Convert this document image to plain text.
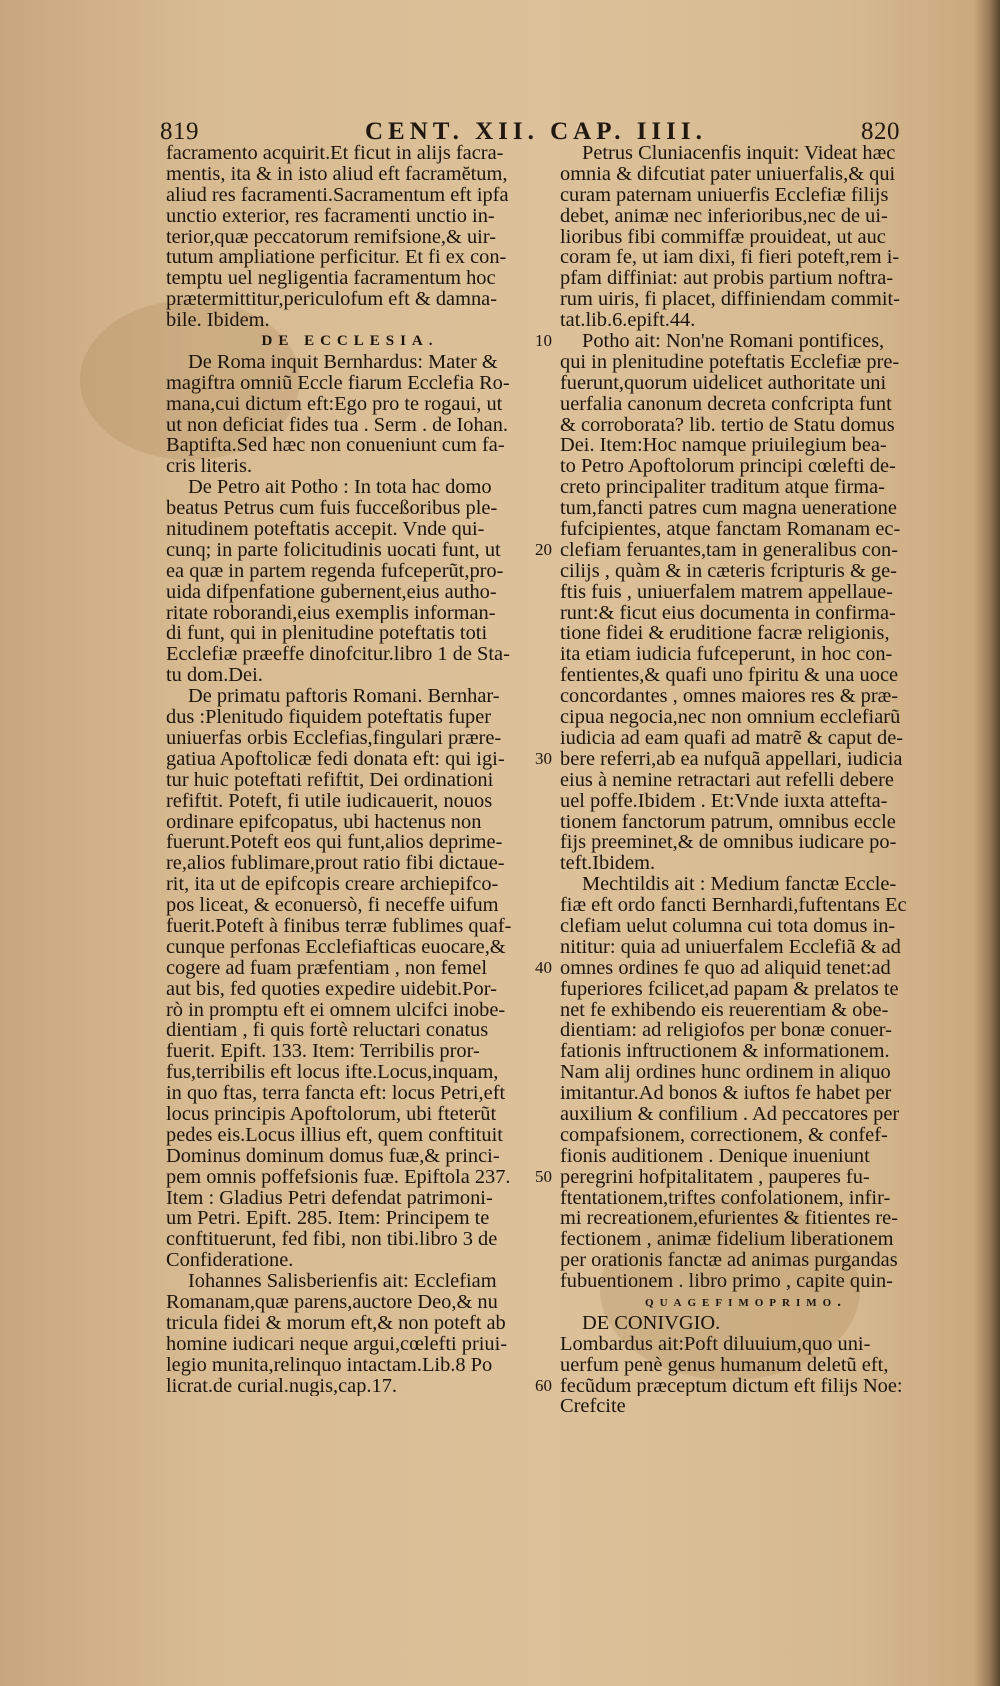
819	CENT. XII. CAP. IIII.	820
facramento acquirit.Et ficut in alijs facra-
mentis, ita & in isto aliud eft facramĕtum,
aliud res facramenti.Sacramentum eft ipfa
unctio exterior, res facramenti unctio in-
terior,quæ peccatorum remifsione,& uir-
tutum ampliatione perficitur. Et fi ex con-
temptu uel negligentia facramentum hoc
prætermittitur,periculofum eft & damna-
bile. Ibidem.
DE ECCLESIA.
De Roma inquit Bernhardus: Mater &
magiftra omniũ Eccle fiarum Ecclefia Ro-
mana,cui dictum eft:Ego pro te rogaui, ut
ut non deficiat fides tua . Serm . de Iohan.
Baptifta.Sed hæc non conueniunt cum fa-
cris literis.
De Petro ait Potho : In tota hac domo
beatus Petrus cum fuis fucceßoribus ple-
nitudinem poteftatis accepit. Vnde qui-
cunq; in parte folicitudinis uocati funt, ut
ea quæ in partem regenda fufceperũt,pro-
uida difpenfatione gubernent,eius autho-
ritate roborandi,eius exemplis informan-
di funt, qui in plenitudine poteftatis toti
Ecclefiæ præeffe dinofcitur.libro 1 de Sta-
tu dom.Dei.
De primatu paftoris Romani. Bernhar-
dus :Plenitudo fiquidem poteftatis fuper
uniuerfas orbis Ecclefias,fingulari prære-
gatiua Apoftolicæ fedi donata eft: qui igi-
tur huic poteftati refiftit, Dei ordinationi
refiftit. Poteft, fi utile iudicauerit, nouos
ordinare epifcopatus, ubi hactenus non
fuerunt.Poteft eos qui funt,alios deprime-
re,alios fublimare,prout ratio fibi dictaue-
rit, ita ut de epifcopis creare archiepifco-
pos liceat, & econuersò, fi neceffe uifum
fuerit.Poteft à finibus terræ fublimes quaf-
cunque perfonas Ecclefiafticas euocare,&
cogere ad fuam præfentiam , non femel
aut bis, fed quoties expedire uidebit.Por-
rò in promptu eft ei omnem ulcifci inobe-
dientiam , fi quis fortè reluctari conatus
fuerit. Epift. 133. Item: Terribilis pror-
fus,terribilis eft locus ifte.Locus,inquam,
in quo ftas, terra fancta eft: locus Petri,eft
locus principis Apoftolorum, ubi fteterũt
pedes eis.Locus illius eft, quem conftituit
Dominus dominum domus fuæ,& princi-
pem omnis poffefsionis fuæ. Epiftola 237.
Item : Gladius Petri defendat patrimoni-
um Petri. Epift. 285. Item: Principem te
conftituerunt, fed fibi, non tibi.libro 3 de
Confideratione.
Iohannes Salisberienfis ait: Ecclefiam
Romanam,quæ parens,auctore Deo,& nu
tricula fidei & morum eft,& non poteft ab
homine iudicari neque argui,cœlefti priui-
legio munita,relinquo intactam.Lib.8 Po
licrat.de curial.nugis,cap.17.
Petrus Cluniacenfis inquit: Videat hæc
omnia & difcutiat pater uniuerfalis,& qui
curam paternam uniuerfis Ecclefiæ filijs
debet, animæ nec inferioribus,nec de ui-
lioribus fibi commiffæ prouideat, ut auc
coram fe, ut iam dixi, fi fieri poteft,rem i-
pfam diffiniat: aut probis partium noftra-
rum uiris, fi placet, diffiniendam commit-
tat.lib.6.epift.44.
Potho ait: Non'ne Romani pontifices,
qui in plenitudine poteftatis Ecclefiæ pre-
fuerunt,quorum uidelicet authoritate uni
uerfalia canonum decreta confcripta funt
& corroborata? lib. tertio de Statu domus
Dei. Item:Hoc namque priuilegium bea-
to Petro Apoftolorum principi cœlefti de-
creto principaliter traditum atque firma-
tum,fancti patres cum magna ueneratione
fufcipientes, atque fanctam Romanam ec-
clefiam feruantes,tam in generalibus con-
cilijs , quàm & in cæteris fcripturis & ge-
ftis fuis , uniuerfalem matrem appellaue-
runt:& ficut eius documenta in confirma-
tione fidei & eruditione facræ religionis,
ita etiam iudicia fufceperunt, in hoc con-
fentientes,& quafi uno fpiritu & una uoce
concordantes , omnes maiores res & præ-
cipua negocia,nec non omnium ecclefiarũ
iudicia ad eam quafi ad matrẽ & caput de-
bere referri,ab ea nufquã appellari, iudicia
eius à nemine retractari aut refelli debere
uel poffe.Ibidem . Et:Vnde iuxta attefta-
tionem fanctorum patrum, omnibus eccle
fijs preeminet,& de omnibus iudicare po-
teft.Ibidem.
Mechtildis ait : Medium fanctæ Eccle-
fiæ eft ordo fancti Bernhardi,fuftentans Ec
clefiam uelut columna cui tota domus in-
nititur: quia ad uniuerfalem Ecclefiã & ad
omnes ordines fe quo ad aliquid tenet:ad
fuperiores fcilicet,ad papam & prelatos te
net fe exhibendo eis reuerentiam & obe-
dientiam: ad religiofos per bonæ conuer-
fationis inftructionem & informationem.
Nam alij ordines hunc ordinem in aliquo
imitantur.Ad bonos & iuftos fe habet per
auxilium & confilium . Ad peccatores per
compafsionem, correctionem, & confef-
fionis auditionem . Denique inueniunt
peregrini hofpitalitatem , pauperes fu-
ftentationem,triftes confolationem, infir-
mi recreationem,efurientes & fitientes re-
fectionem , animæ fidelium liberationem
per orationis fanctæ ad animas purgandas
fubuentionem . libro primo , capite quin-
quagefimoprimo.
DE CONIVGIO.
Lombardus ait:Poft diluuium,quo uni-
uerfum penè genus humanum deletũ eft,
fecũdum præceptum dictum eft filijs Noe:
Crefcite
10
20
30
40
50
60
